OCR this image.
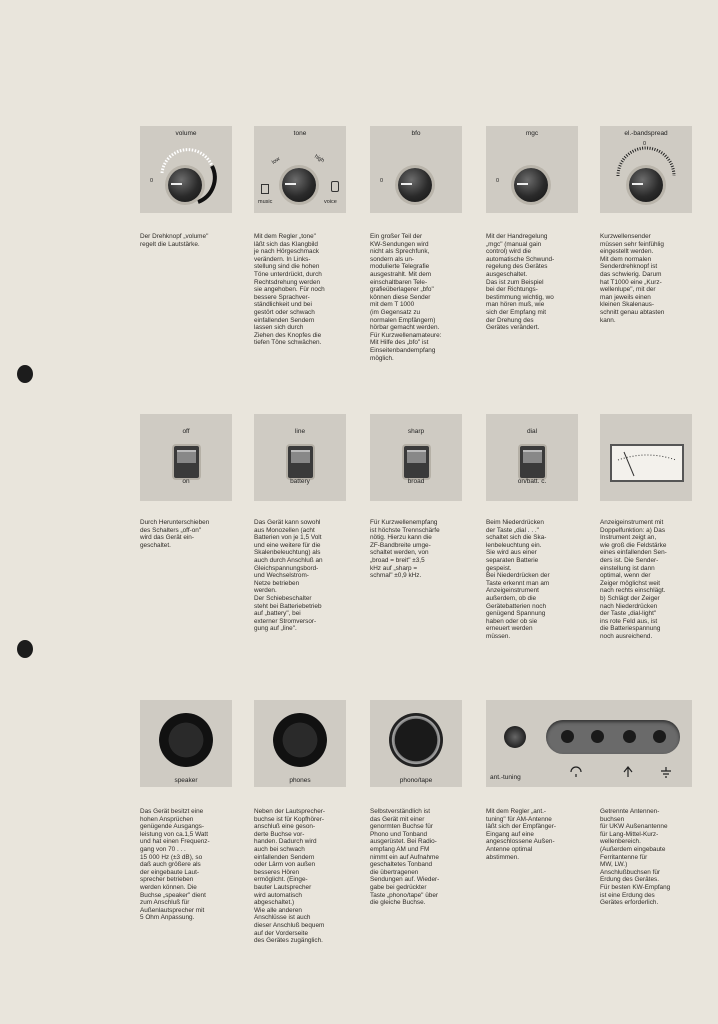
volume
0
tone
low	high
music	voice
bfo
0
mgc
0
el.-bandspread
0
Der Drehknopf „volume"
regelt die Lautstärke.
Mit dem Regler „tone"
läßt sich das Klangbild
je nach Hörgeschmack
verändern. In Links-
stellung sind die hohen
Töne unterdrückt, durch
Rechtsdrehung werden
sie angehoben. Für noch
bessere Sprachver-
ständlichkeit und bei
gestört oder schwach
einfallenden Sendern
lassen sich durch
Ziehen des Knopfes die
tiefen Töne schwächen.
Ein großer Teil der
KW-Sendungen wird
nicht als Sprechfunk,
sondern als un-
modulierte Telegrafie
ausgestrahlt. Mit dem
einschaltbaren Tele-
grafieüberlagerer „bfo"
können diese Sender
mit dem T 1000
(im Gegensatz zu
normalen Empfängern)
hörbar gemacht werden.
Für Kurzwellenamateure:
Mit Hilfe des „bfo" ist
Einseitenbandempfang
möglich.
Mit der Handregelung
„mgc" (manual gain
control) wird die
automatische Schwund-
regelung des Gerätes
ausgeschaltet.
Das ist zum Beispiel
bei der Richtungs-
bestimmung wichtig, wo
man hören muß, wie
sich der Empfang mit
der Drehung des
Gerätes verändert.
Kurzwellensender
müssen sehr feinfühlig
eingestellt werden.
Mit dem normalen
Senderdrehknopf ist
das schwierig. Darum
hat T1000 eine „Kurz-
wellenlupe", mit der
man jeweils einen
kleinen Skalenaus-
schnitt genau abtasten
kann.
off
on
line
battery
sharp
broad
dial
on/batt. c.
Durch Herunterschieben
des Schalters „off-on"
wird das Gerät ein-
geschaltet.
Das Gerät kann sowohl
aus Monozellen (acht
Batterien von je 1,5 Volt
und eine weitere für die
Skalenbeleuchtung) als
auch durch Anschluß an
Gleichspannungsbord-
und Wechselstrom-
Netze betrieben
werden.
Der Schiebeschalter
steht bei Batteriebetrieb
auf „battery", bei
externer Stromversor-
gung auf „line".
Für Kurzwellenempfang
ist höchste Trennschärfe
nötig. Hierzu kann die
ZF-Bandbreite umge-
schaltet werden, von
„broad = breit" ±3,5
kHz auf „sharp =
schmal" ±0,9 kHz.
Beim Niederdrücken
der Taste „dial . . ."
schaltet sich die Ska-
lenbeleuchtung ein.
Sie wird aus einer
separaten Batterie
gespeist.
Bei Niederdrücken der
Taste erkennt man am
Anzeigeinstrument
außerdem, ob die
Gerätebatterien noch
genügend Spannung
haben oder ob sie
erneuert werden
müssen.
Anzeigeinstrument mit
Doppelfunktion: a) Das
Instrument zeigt an,
wie groß die Feldstärke
eines einfallenden Sen-
ders ist. Die Sender-
einstellung ist dann
optimal, wenn der
Zeiger möglichst weit
nach rechts einschlägt.
b) Schlägt der Zeiger
nach Niederdrücken
der Taste „dial-light"
ins rote Feld aus, ist
die Batteriespannung
noch ausreichend.
speaker	phones	phono/tape	ant.-tuning
Das Gerät besitzt eine
hohen Ansprüchen
genügende Ausgangs-
leistung von ca.1,5 Watt
und hat einen Frequenz-
gang von 70 . . .
15 000 Hz (±3 dB), so
daß auch größere als
der eingebaute Laut-
sprecher betrieben
werden können. Die
Buchse „speaker" dient
zum Anschluß für
Außenlautsprecher mit
5 Ohm Anpassung.
Neben der Lautsprecher-
buchse ist für Kopfhörer-
anschluß eine geson-
derte Buchse vor-
handen. Dadurch wird
auch bei schwach
einfallenden Sendern
oder Lärm von außen
besseres Hören
ermöglicht. (Einge-
bauter Lautsprecher
wird automatisch
abgeschaltet.)
Wie alle anderen
Anschlüsse ist auch
dieser Anschluß bequem
auf der Vorderseite
des Gerätes zugänglich.
Selbstverständlich ist
das Gerät mit einer
genormten Buchse für
Phono und Tonband
ausgerüstet. Bei Radio-
empfang AM und FM
nimmt ein auf Aufnahme
geschaltetes Tonband
die übertragenen
Sendungen auf. Wieder-
gabe bei gedrückter
Taste „phono/tape" über
die gleiche Buchse.
Mit dem Regler „ant.-
tuning" für AM-Antenne
läßt sich der Empfänger-
Eingang auf eine
angeschlossene Außen-
Antenne optimal
abstimmen.
Getrennte Antennen-
buchsen
für UKW Außenantenne
für Lang-Mittel-Kurz-
wellenbereich.
(Außerdem eingebaute
Ferritantenne für
MW, LW.)
Anschlußbuchsen für
Erdung des Gerätes.
Für besten KW-Empfang
ist eine Erdung des
Gerätes erforderlich.
